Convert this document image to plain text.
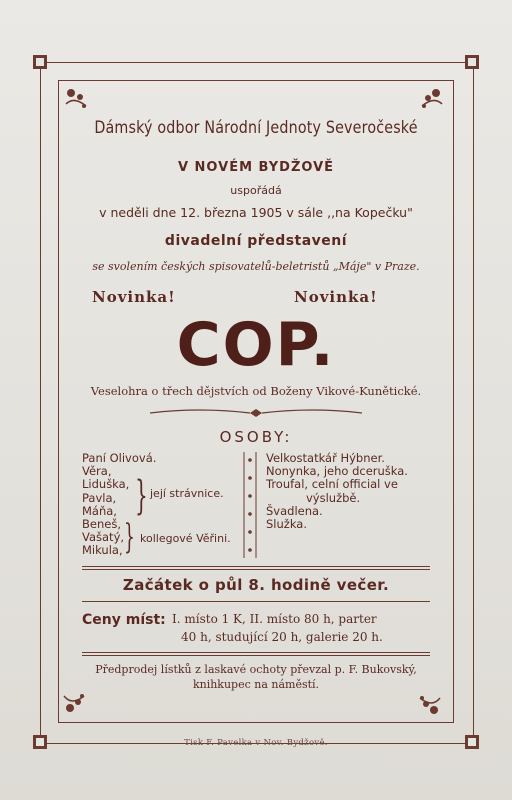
Dámský odbor Národní Jednoty Severočeské
V NOVÉM BYDŽOVĚ
uspořádá
v neděli dne 12. března 1905 v sále ,,na Kopečku"
divadelní představení
se svolením českých spisovatelů-beletristů „Máje" v Praze.
Novinka!	Novinka!
COP.
Veselohra o třech dějstvích od Boženy Vikové-Kunětické.
OSOBY:
Paní Olivová.
Věra,
Liduška,
Pavla,
Máňa,
Beneš,
Vašatý,
Mikula,
} její strávnice.
} kollegové Věřini.
Velkostatkář Hýbner.
Nonynka, jeho dceruška.
Troufal, celní official ve
výslužbě.
Švadlena.
Služka.
Začátek o půl 8. hodině večer.
Ceny míst: I. místo 1 K, II. místo 80 h, parter
40 h, studující 20 h, galerie 20 h.
Předprodej lístků z laskavé ochoty převzal p. F. Bukovský,
knihkupec na náměstí.
Tisk F. Pavelka v Nov. Bydžově.
